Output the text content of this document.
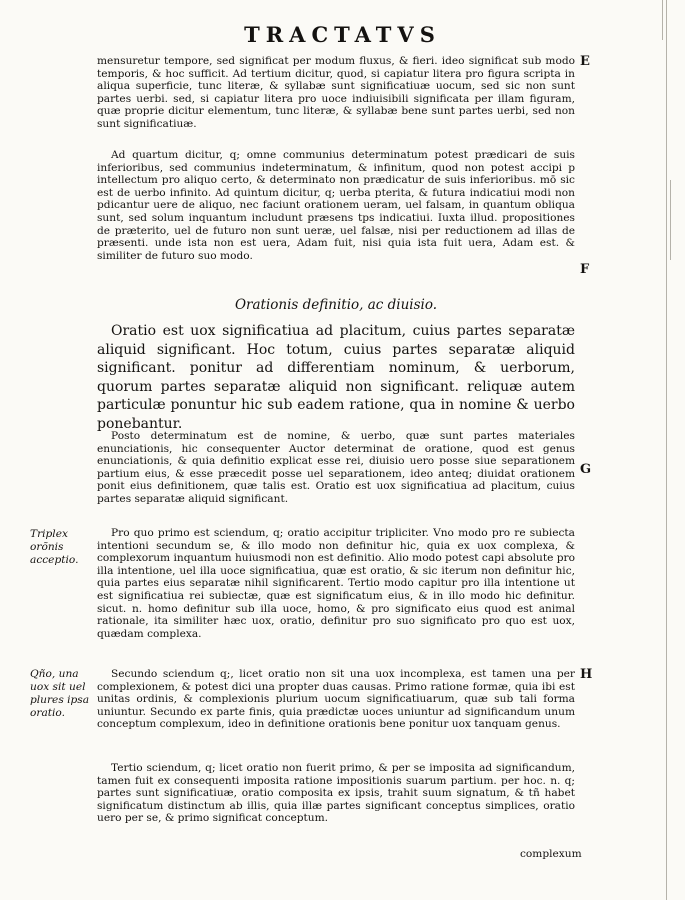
TRACTATVS

mensuretur tempore, sed significat per modum fluxus, & fieri. ideo significat sub modo temporis, & hoc sufficit. Ad tertium dicitur, quod, si capiatur litera pro figura scripta in aliqua superficie, tunc literæ, & syllabæ sunt significatiuæ uocum, sed sic non sunt partes uerbi. sed, si capiatur litera pro uoce indiuisibili significata per illam figuram, quæ proprie dicitur elementum, tunc literæ, & syllabæ bene sunt partes uerbi, sed non sunt significatiuæ.

Ad quartum dicitur, q; omne communius determinatum potest prædicari de suis inferioribus, sed communius indeterminatum, & infinitum, quod non potest accipi p intellectum pro aliquo certo, & determinato non prædicatur de suis inferioribus. mō sic est de uerbo infinito. Ad quintum dicitur, q; uerba pterita, & futura indicatiui modi non pdicantur uere de aliquo, nec faciunt orationem ueram, uel falsam, in quantum obliqua sunt, sed solum inquantum includunt præsens tps indicatiui. Iuxta illud. propositiones de præterito, uel de futuro non sunt ueræ, uel falsæ, nisi per reductionem ad illas de præsenti. unde ista non est uera, Adam fuit, nisi quia ista fuit uera, Adam est. & similiter de futuro suo modo.

Orationis definitio, ac diuisio.

Oratio est uox significatiua ad placitum, cuius partes separatæ aliquid significant. Hoc totum, cuius partes separatæ aliquid significant. ponitur ad differentiam nominum, & uerborum, quorum partes separatæ aliquid non significant. reliquæ autem particulæ ponuntur hic sub eadem ratione, qua in nomine & uerbo ponebantur.

Posto determinatum est de nomine, & uerbo, quæ sunt partes materiales enunciationis, hic consequenter Auctor determinat de oratione, quod est genus enunciationis, & quia definitio explicat esse rei, diuisio uero posse siue separationem partium eius, & esse præcedit posse uel separationem, ideo anteq; diuidat orationem ponit eius definitionem, quæ talis est. Oratio est uox significatiua ad placitum, cuius partes separatæ aliquid significant.

Pro quo primo est sciendum, q; oratio accipitur tripliciter. Vno modo pro re subiecta intentioni secundum se, & illo modo non definitur hic, quia ex uox complexa, & complexorum inquantum huiusmodi non est definitio. Alio modo potest capi absolute pro illa intentione, uel illa uoce significatiua, quæ est oratio, & sic iterum non definitur hic, quia partes eius separatæ nihil significarent. Tertio modo capitur pro illa intentione ut est significatiua rei subiectæ, quæ est significatum eius, & in illo modo hic definitur. sicut. n. homo definitur sub illa uoce, homo, & pro significato eius quod est animal rationale, ita similiter hæc uox, oratio, definitur pro suo significato pro quo est uox, quædam complexa.

Secundo sciendum q;, licet oratio non sit una uox incomplexa, est tamen una per complexionem, & potest dici una propter duas causas. Primo ratione formæ, quia ibi est unitas ordinis, & complexionis plurium uocum significatiuarum, quæ sub tali forma uniuntur. Secundo ex parte finis, quia prædictæ uoces uniuntur ad significandum unum conceptum complexum, ideo in definitione orationis bene ponitur uox tanquam genus.

Tertio sciendum, q; licet oratio non fuerit primo, & per se imposita ad significandum, tamen fuit ex consequenti imposita ratione impositionis suarum partium. per hoc. n. q; partes sunt significatiuæ, oratio composita ex ipsis, trahit suum signatum, & tñ habet significatum distinctum ab illis, quia illæ partes significant conceptus simplices, oratio uero per se, & primo significat conceptum.

E
F
G
H
Triplex orõnis acceptio.
Qño, una uox sit uel plures ipsa oratio.
complexum
